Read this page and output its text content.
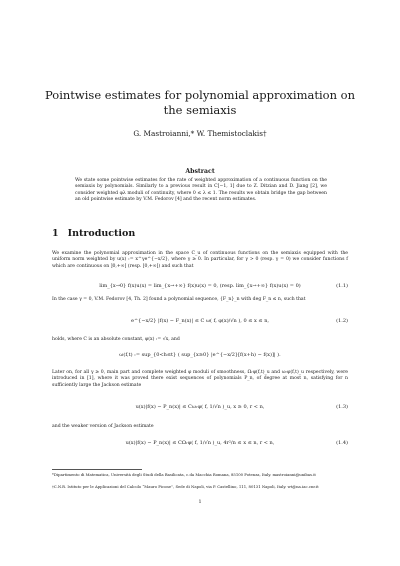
Pointwise estimates for polynomial approximation on the semiaxis
G. Mastroianni,* W. Themistoclakis†
Abstract
We state some pointwise estimates for the rate of weighted approximation of a continuous function on the semiaxis by polynomials. Similarly to a previous result in C[−1, 1] due to Z. Ditzian and D. Jiang [2], we consider weighted φλ moduli of continuity, where 0 ≤ λ ≤ 1. The results we obtain bridge the gap between an old pointwise estimate by V.M. Fedorov [4] and the recent norm estimates.
1 Introduction
We examine the polynomial approximation in the space C_u of continuous functions on the semiaxis equipped with the uniform norm weighted by u(x) := x^γe^{−x/2}, where γ ≥ 0. In particular, for γ > 0 (resp. γ = 0) we consider functions f which are continuous on ]0,+∞[ (resp. [0,+∞[) and such that
lim_{x→0} f(x)u(x) = lim_{x→+∞} f(x)u(x) = 0, (resp. lim_{x→+∞} f(x)u(x) = 0)	(1.1)
In the case γ = 0, V.M. Fedorov [4, Th. 2] found a polynomial sequence, {F_n}_n with deg F_n ≤ n, such that
e^{−x/2} |f(x) − F_n(x)| ≤ C ω( f, φ(x)/√n ), 0 ≤ x ≤ n,	(1.2)
holds, where C is an absolute constant, φ(x) := √x, and
ω(f,t) := sup_{0<h≤t} ( sup_{x≥0} |e^{−x/2}[f(x+h) − f(x)]| ).
Later on, for all γ ≥ 0, main part and complete weighted φ moduli of smoothness, Ωᵣφ(f,t)_u and ωᵣφ(f,t)_u respectively, were introduced in [1], where it was proved there exist sequences of polynomials P_n, of degree at most n, satisfying for n sufficiently large the Jackson estimate
u(x)|f(x) − P_n(x)| ≤ Cωᵣφ( f, 1/√n )_u, x ≥ 0, r < n,	(1.3)
and the weaker version of Jackson estimate
u(x)|f(x) − P_n(x)| ≤ CΩᵣφ( f, 1/√n )_u, 4r²/n ≤ x ≤ n, r < n,	(1.4)
*Dipartimento di Matematica, Università degli Studi della Basilicata, c.da Macchia Romana, 85100 Potenza, Italy. mastroianni@unibas.it
†C.N.R. Istituto per le Applicazioni del Calcolo “Mauro Picone”, Sede di Napoli, via P. Castellino, 111, 80131 Napoli, Italy. wt@na.iac.cnr.it
1
